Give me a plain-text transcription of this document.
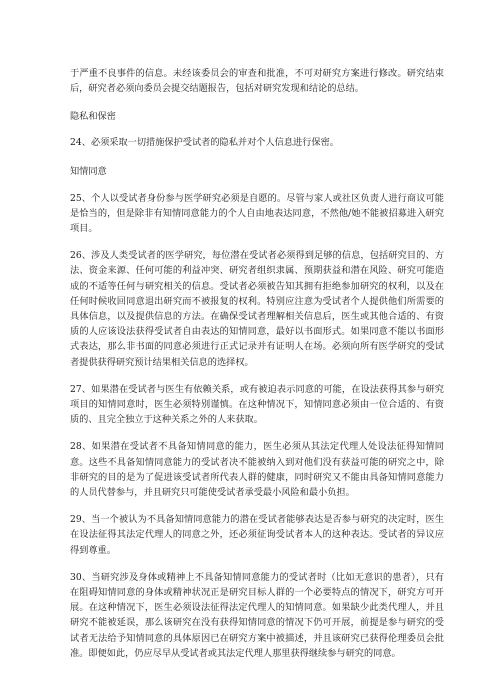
于严重不良事件的信息。未经该委员会的审查和批准，不可对研究方案进行修改。研究结束后，研究者必须向委员会提交结题报告，包括对研究发现和结论的总结。

隐私和保密

24、必须采取一切措施保护受试者的隐私并对个人信息进行保密。

知情同意

25、个人以受试者身份参与医学研究必须是自愿的。尽管与家人或社区负责人进行商议可能是恰当的，但是除非有知情同意能力的个人自由地表达同意，不然他/她不能被招募进入研究项目。

26、涉及人类受试者的医学研究，每位潜在受试者必须得到足够的信息，包括研究目的、方法、资金来源、任何可能的利益冲突、研究者组织隶属、预期获益和潜在风险、研究可能造成的不适等任何与研究相关的信息。受试者必须被告知其拥有拒绝参加研究的权利，以及在任何时候收回同意退出研究而不被报复的权利。特别应注意为受试者个人提供他们所需要的具体信息，以及提供信息的方法。在确保受试者理解相关信息后，医生或其他合适的、有资质的人应该设法获得受试者自由表达的知情同意，最好以书面形式。如果同意不能以书面形式表达，那么非书面的同意必须进行正式记录并有证明人在场。必须向所有医学研究的受试者提供获得研究预计结果相关信息的选择权。

27、如果潜在受试者与医生有依赖关系，或有被迫表示同意的可能，在设法获得其参与研究项目的知情同意时，医生必须特别谨慎。在这种情况下，知情同意必须由一位合适的、有资质的、且完全独立于这种关系之外的人来获取。

28、如果潜在受试者不具备知情同意的能力，医生必须从其法定代理人处设法征得知情同意。这些不具备知情同意能力的受试者决不能被纳入到对他们没有获益可能的研究之中，除非研究的目的是为了促进该受试者所代表人群的健康，同时研究又不能由具备知情同意能力的人员代替参与，并且研究只可能使受试者承受最小风险和最小负担。

29、当一个被认为不具备知情同意能力的潜在受试者能够表达是否参与研究的决定时，医生在设法征得其法定代理人的同意之外，还必须征询受试者本人的这种表达。受试者的异议应得到尊重。

30、当研究涉及身体或精神上不具备知情同意能力的受试者时（比如无意识的患者），只有在阻碍知情同意的身体或精神状况正是研究目标人群的一个必要特点的情况下，研究方可开展。在这种情况下，医生必须设法征得法定代理人的知情同意。如果缺少此类代理人，并且研究不能被延误，那么该研究在没有获得知情同意的情况下仍可开展，前提是参与研究的受试者无法给予知情同意的具体原因已在研究方案中被描述，并且该研究已获得伦理委员会批准。即便如此，仍应尽早从受试者或其法定代理人那里获得继续参与研究的同意。
